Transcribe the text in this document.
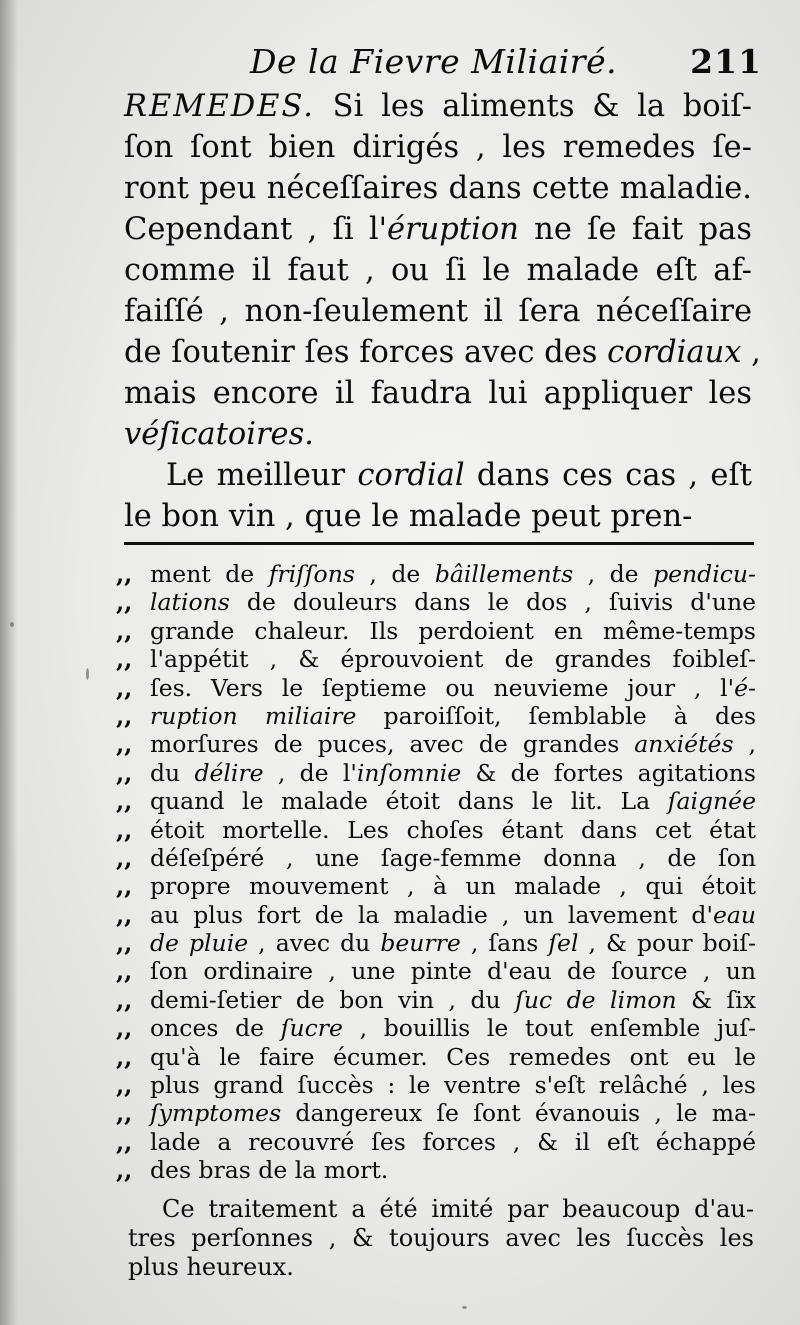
De la Fievre Miliairé. 211
REMEDES. Si les aliments & la boiſ-
ſon ſont bien dirigés , les remedes ſe-
ront peu néceſſaires dans cette maladie.
Cependant , ſi l'éruption ne ſe fait pas
comme il faut , ou ſi le malade eſt af-
faiſſé , non-ſeulement il ſera néceſſaire
de ſoutenir ſes forces avec des cordiaux ,
mais encore il faudra lui appliquer les
véſicatoires.
Le meilleur cordial dans ces cas , eſt
le bon vin , que le malade peut pren-
,, ment de friſſons , de bâillements , de pendicu-
,, lations de douleurs dans le dos , ſuivis d'une
,, grande chaleur. Ils perdoient en même-temps
,, l'appétit , & éprouvoient de grandes foibleſ-
,, ſes. Vers le ſeptieme ou neuvieme jour , l'é-
,, ruption miliaire paroiſſoit, ſemblable à des
,, morſures de puces, avec de grandes anxiétés ,
,, du délire , de l'inſomnie & de fortes agitations
,, quand le malade étoit dans le lit. La ſaignée
,, étoit mortelle. Les choſes étant dans cet état
,, déſeſpéré , une ſage-femme donna , de ſon
,, propre mouvement , à un malade , qui étoit
,, au plus fort de la maladie , un lavement d'eau
,, de pluie , avec du beurre , ſans ſel , & pour boiſ-
,, ſon ordinaire , une pinte d'eau de ſource , un
,, demi-ſetier de bon vin , du ſuc de limon & ſix
,, onces de ſucre , bouillis le tout enſemble juſ-
,, qu'à le faire écumer. Ces remedes ont eu le
,, plus grand ſuccès : le ventre s'eſt relâché , les
,, ſymptomes dangereux ſe ſont évanouis , le ma-
,, lade a recouvré ſes forces , & il eſt échappé
,, des bras de la mort.
Ce traitement a été imité par beaucoup d'au-
tres perſonnes , & toujours avec les ſuccès les
plus heureux.
